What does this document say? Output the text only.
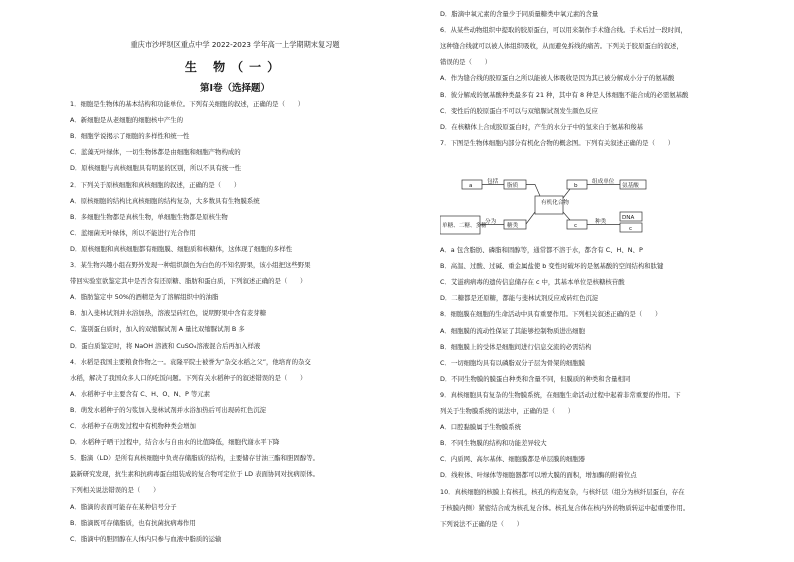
重庆市沙坪坝区重点中学 2022-2023 学年高一上学期期末复习题
生 物（一）
第Ⅰ卷（选择题）
1．细胞是生物体的基本结构和功能单位。下列有关细胞的叙述，正确的是（　　）
A．新细胞是从老细胞的细胞核中产生的
B．细胞学说揭示了细胞的多样性和统一性
C．蓝藻无叶绿体，一切生物体都是由细胞和细胞产物构成的
D．原核细胞与真核细胞具有明显的区别，所以不具有统一性
2．下列关于原核细胞和真核细胞的叙述，正确的是（　　）
A．原核细胞的结构比真核细胞的结构复杂，大多数具有生物膜系统
B．多细胞生物都是真核生物，单细胞生物都是原核生物
C．蓝细菌无叶绿体，所以不能进行光合作用
D．原核细胞和真核细胞都有细胞膜、细胞质和核糖体，这体现了细胞的多样性
3．某生物兴趣小组在野外发现一种组织颜色为白色的不知名野果，该小组把这些野果
带回实验室欲鉴定其中是否含有还原糖、脂肪和蛋白质，下列叙述正确的是（　　）
A．脂肪鉴定中 50%的酒精是为了溶解组织中的油脂
B．加入斐林试剂并水浴加热，溶液呈砖红色，说明野果中含有麦芽糖
C．鉴别蛋白质时，加入的双缩脲试剂 A 量比双缩脲试剂 B 多
D．蛋白质鉴定时，将 NaOH 溶液和 CuSO₄溶液混合后再加入样液
4．水稻是我国主要粮食作物之一。袁隆平院士被誉为“杂交水稻之父”，他培育的杂交
水稻，解决了我国众多人口的吃饭问题。下列有关水稻种子的叙述错误的是（　　）
A．水稻种子中主要含有 C、H、O、N、P 等元素
B．萌发水稻种子的匀浆加入斐林试剂并水浴加热后可出现砖红色沉淀
C．水稻种子在萌发过程中有机物种类会增加
D．水稻种子晒干过程中，结合水与自由水的比值降低，细胞代谢水平下降
5．脂滴（LD）是所有真核细胞中负责存储脂质的结构，主要储存甘油三酯和胆固醇等。
最新研究发现，抗生素和抗病毒蛋白组装成的复合物可定位于 LD 表面协同对抗病原体。
下列相关说法错误的是（　　）
A．脂滴的表面可能存在某种信号分子
B．脂滴既可存储脂质，也有抗菌抗病毒作用
C．脂滴中的胆固醇在人体内只参与血液中脂质的运输
D．脂滴中氧元素的含量少于同质量糖类中氧元素的含量
6．从某些动物组织中提取的胶原蛋白，可以用来制作手术缝合线。手术后过一段时间，
这种缝合线就可以被人体组织吸收，从而避免拆线的痛苦。下列关于胶原蛋白的叙述，
错误的是（　　）
A．作为缝合线的胶原蛋白之所以能被人体吸收是因为其已被分解成小分子的氨基酸
B．彼分解成的氨基酸种类最多有 21 种，其中有 8 种是人体细胞不能合成的必需氨基酸
C．变性后的胶原蛋白不可以与双缩脲试剂发生颜色反应
D．在核糖体上合成胶原蛋白时，产生的水分子中的氢来自于氨基和羧基
7．下图是生物体细胞内部分有机化合物的概念图。下列有关叙述正确的是（　　）
a
包括
脂质
有机化合物
b
组成单位
氨基酸
c
种类
DNA
c
糖类
分为
单糖、二糖、多糖
A．a 包含脂肪、磷脂和固醇等，通常都不溶于水，都含有 C、H、N、P
B．高温、过酸、过碱、重金属盐使 b 变性时破坏的是氨基酸的空间结构和肽键
C．艾滋病病毒的遗传信息储存在 c 中，其基本单位是核糖核苷酸
D．二糖都是还原糖，都能与斐林试剂反应成砖红色沉淀
8．细胞膜在细胞的生命活动中具有重要作用。下列相关叙述正确的是（　　）
A．细胞膜的流动性保证了其能够控制物质进出细胞
B．细胞膜上的受体是细胞间进行信息交流的必需结构
C．一切细胞均具有以磷脂双分子层为骨架的细胞膜
D．不同生物膜的膜蛋白种类和含量不同，但膜质的种类和含量相同
9．真核细胞具有复杂的生物膜系统，在细胞生命活动过程中起着非常重要的作用。下
列关于生物膜系统的说法中，正确的是（　　）
A．口腔黏膜属于生物膜系统
B．不同生物膜的结构和功能差异较大
C．内质网、高尔基体、细胞膜都是单层膜的细胞器
D．线粒体、叶绿体等细胞器都可以增大膜的面积，增加酶的附着位点
10．真核细胞的核膜上有核孔，核孔的构造复杂，与核纤层（组分为核纤层蛋白，存在
于核膜内侧）紧密结合成为核孔复合体。核孔复合体在核内外的物质转运中起重要作用。
下列说法不正确的是（　　）
